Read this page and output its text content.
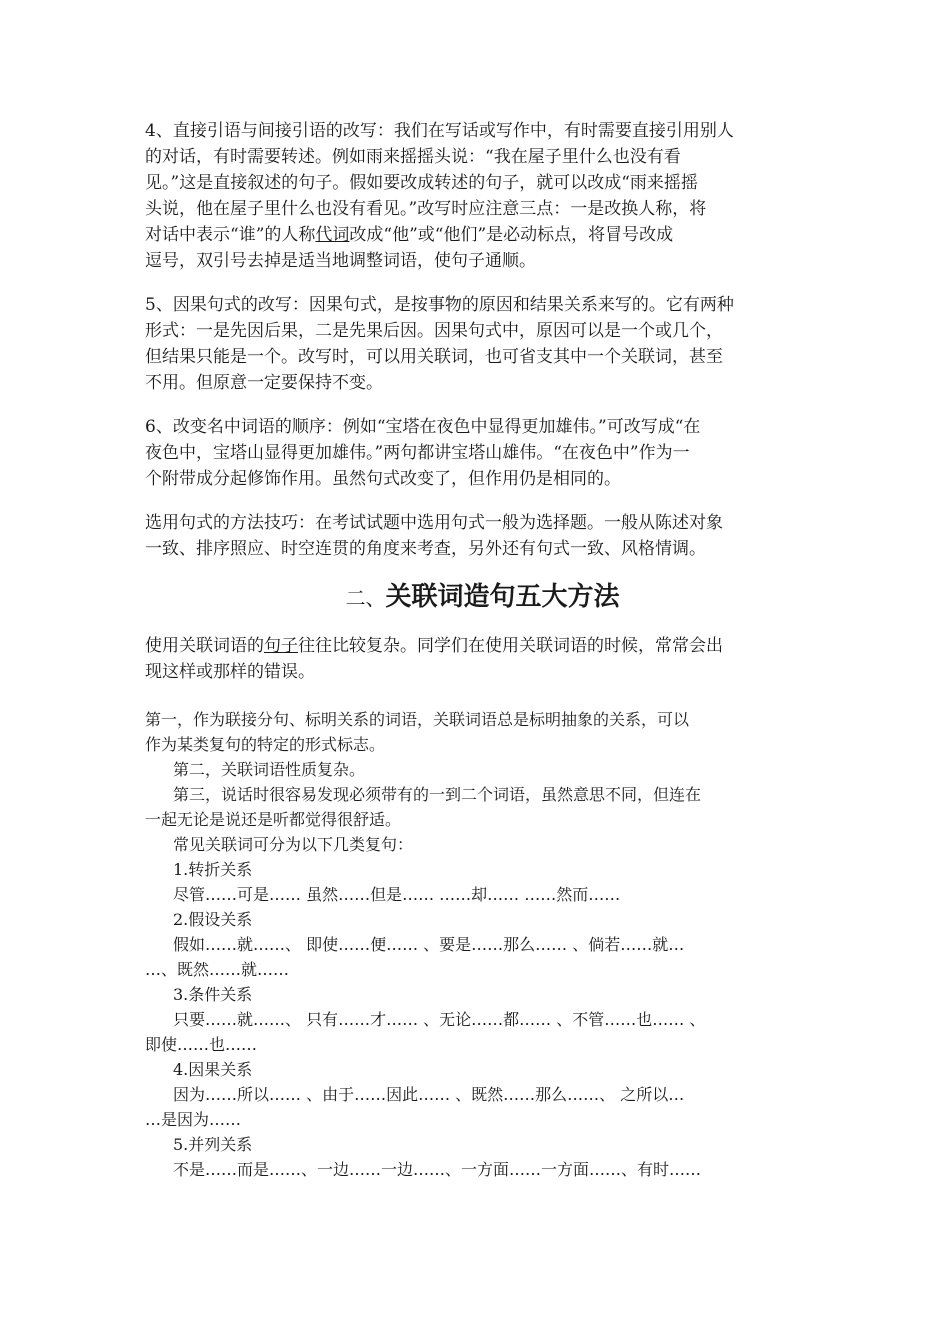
4、直接引语与间接引语的改写：我们在写话或写作中，有时需要直接引用别人
的对话，有时需要转述。例如雨来摇摇头说：“我在屋子里什么也没有看
见。”这是直接叙述的句子。假如要改成转述的句子，就可以改成“雨来摇摇
头说，他在屋子里什么也没有看见。”改写时应注意三点：一是改换人称，将
对话中表示“谁”的人称代词改成“他”或“他们”是必动标点，将冒号改成
逗号，双引号去掉是适当地调整词语，使句子通顺。
5、因果句式的改写：因果句式，是按事物的原因和结果关系来写的。它有两种
形式：一是先因后果，二是先果后因。因果句式中，原因可以是一个或几个，
但结果只能是一个。改写时，可以用关联词，也可省支其中一个关联词，甚至
不用。但原意一定要保持不变。
6、改变名中词语的顺序：例如“宝塔在夜色中显得更加雄伟。”可改写成“在
夜色中，宝塔山显得更加雄伟。”两句都讲宝塔山雄伟。“在夜色中”作为一
个附带成分起修饰作用。虽然句式改变了，但作用仍是相同的。
选用句式的方法技巧：在考试试题中选用句式一般为选择题。一般从陈述对象
一致、排序照应、时空连贯的角度来考查，另外还有句式一致、风格情调。
二、关联词造句五大方法
使用关联词语的句子往往比较复杂。同学们在使用关联词语的时候，常常会出
现这样或那样的错误。
第一，作为联接分句、标明关系的词语，关联词语总是标明抽象的关系，可以
作为某类复句的特定的形式标志。
第二，关联词语性质复杂。
第三，说话时很容易发现必须带有的一到二个词语，虽然意思不同，但连在
一起无论是说还是听都觉得很舒适。
常见关联词可分为以下几类复句：
1.转折关系
尽管……可是…… 虽然……但是…… ……却…… ……然而……
2.假设关系
假如……就……、 即使……便…… 、要是……那么…… 、倘若……就…
…、既然……就……
3.条件关系
只要……就……、 只有……才…… 、无论……都…… 、不管……也…… 、
即使……也……
4.因果关系
因为……所以…… 、由于……因此…… 、既然……那么……、 之所以…
…是因为……
5.并列关系
不是……而是……、一边……一边……、一方面……一方面……、有时……
